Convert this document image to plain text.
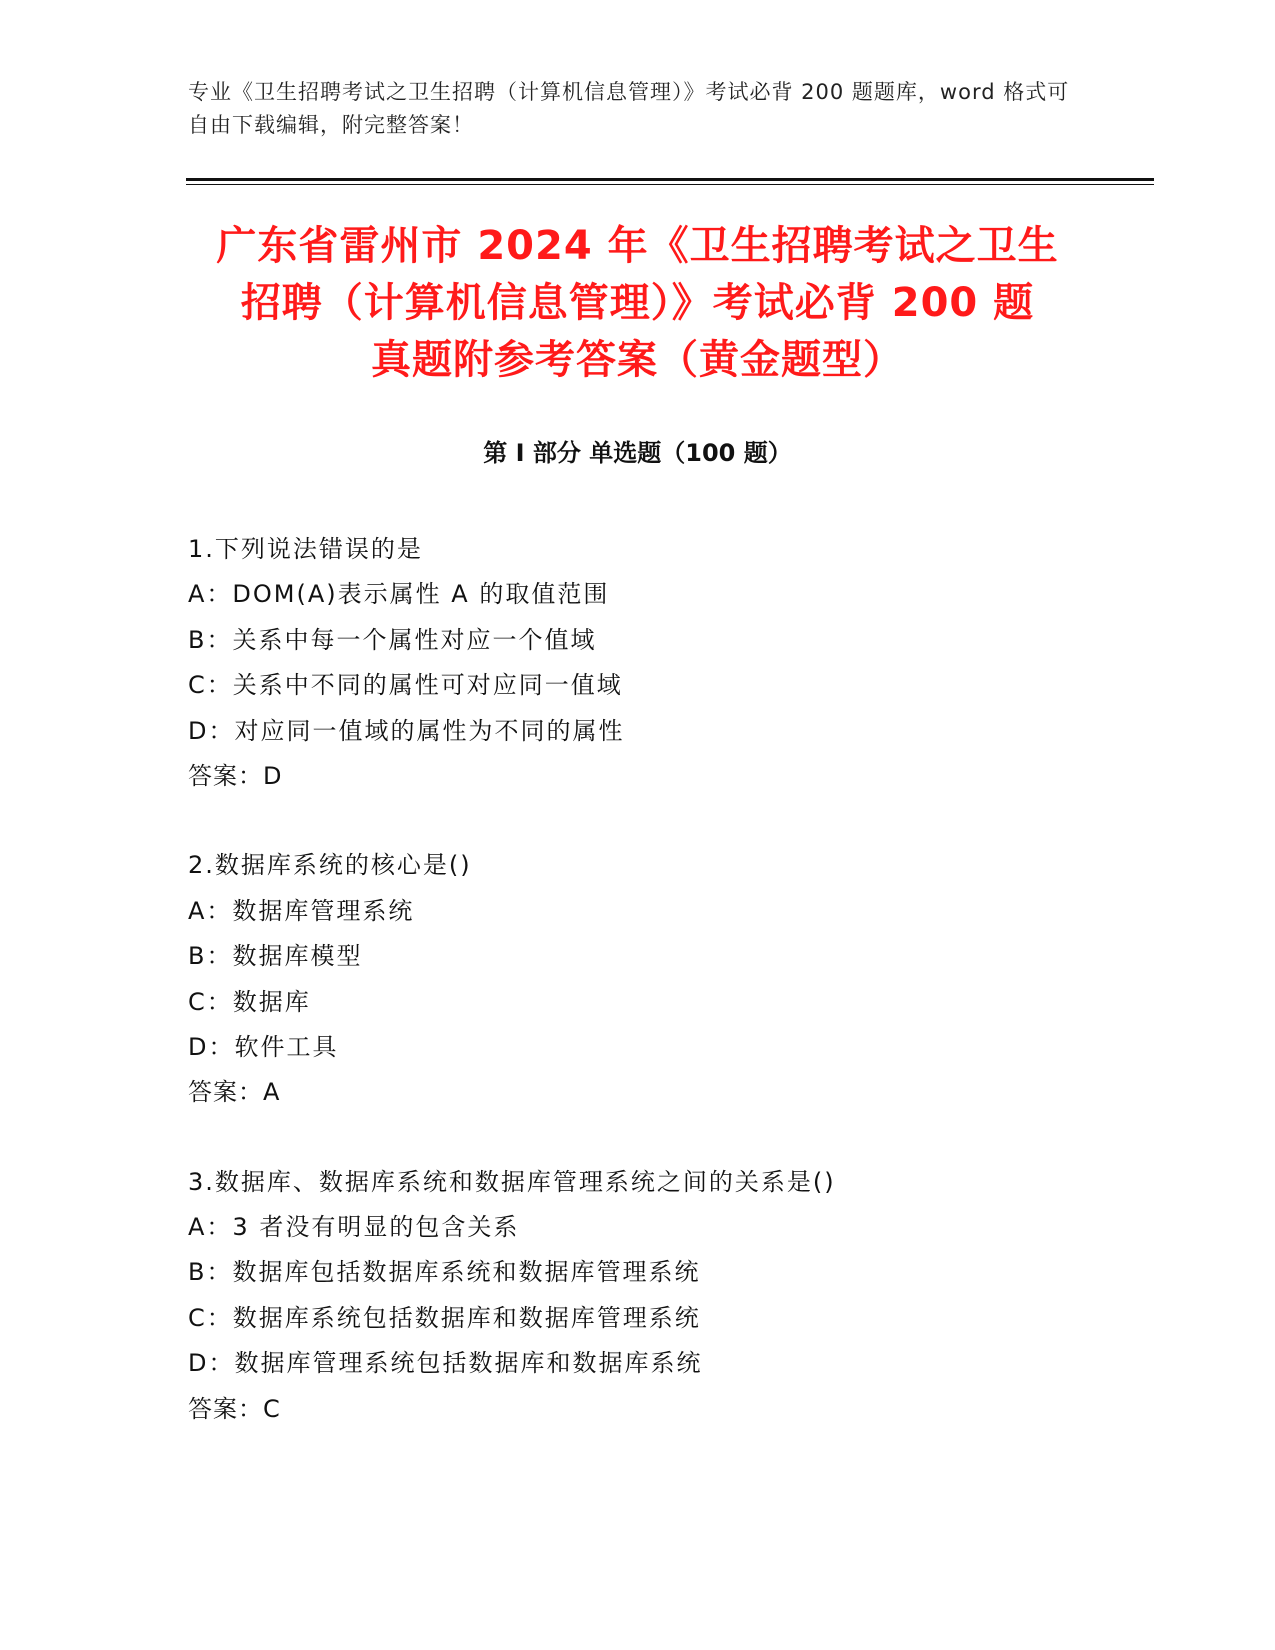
专业《卫生招聘考试之卫生招聘（计算机信息管理）》考试必背 200 题题库，word 格式可自由下载编辑，附完整答案！
广东省雷州市 2024 年《卫生招聘考试之卫生
招聘（计算机信息管理）》考试必背 200 题
真题附参考答案（黄金题型）
第 I 部分 单选题（100 题）
1.下列说法错误的是
A：DOM(A)表示属性 A 的取值范围
B：关系中每一个属性对应一个值域
C：关系中不同的属性可对应同一值域
D：对应同一值域的属性为不同的属性
答案：D
2.数据库系统的核心是()
A：数据库管理系统
B：数据库模型
C：数据库
D：软件工具
答案：A
3.数据库、数据库系统和数据库管理系统之间的关系是()
A：3 者没有明显的包含关系
B：数据库包括数据库系统和数据库管理系统
C：数据库系统包括数据库和数据库管理系统
D：数据库管理系统包括数据库和数据库系统
答案：C
